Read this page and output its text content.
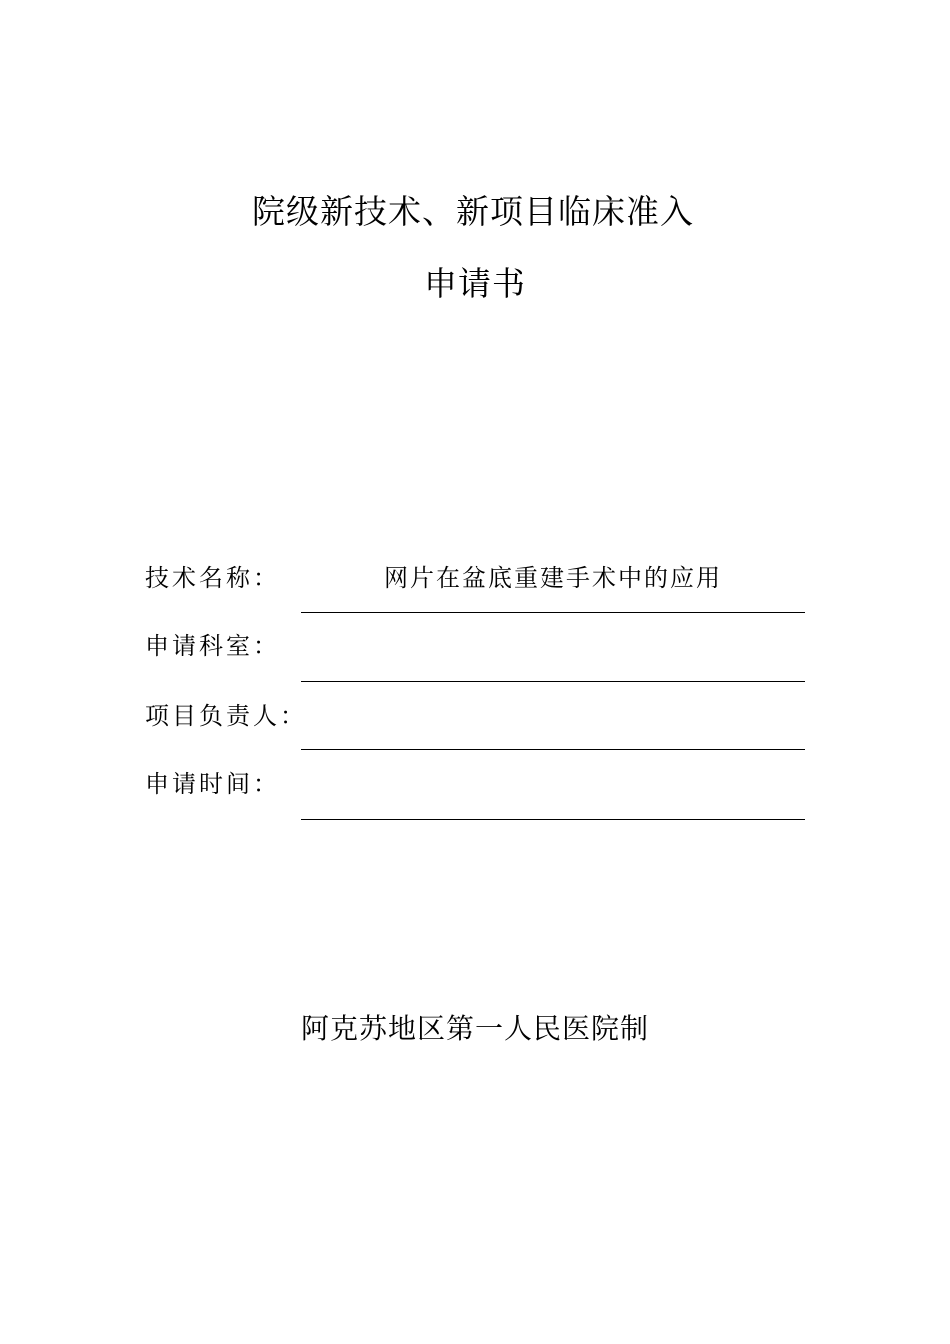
院级新技术、新项目临床准入
申请书
技术名称：	网片在盆底重建手术中的应用
申请科室：
项目负责人：
申请时间：
阿克苏地区第一人民医院制
